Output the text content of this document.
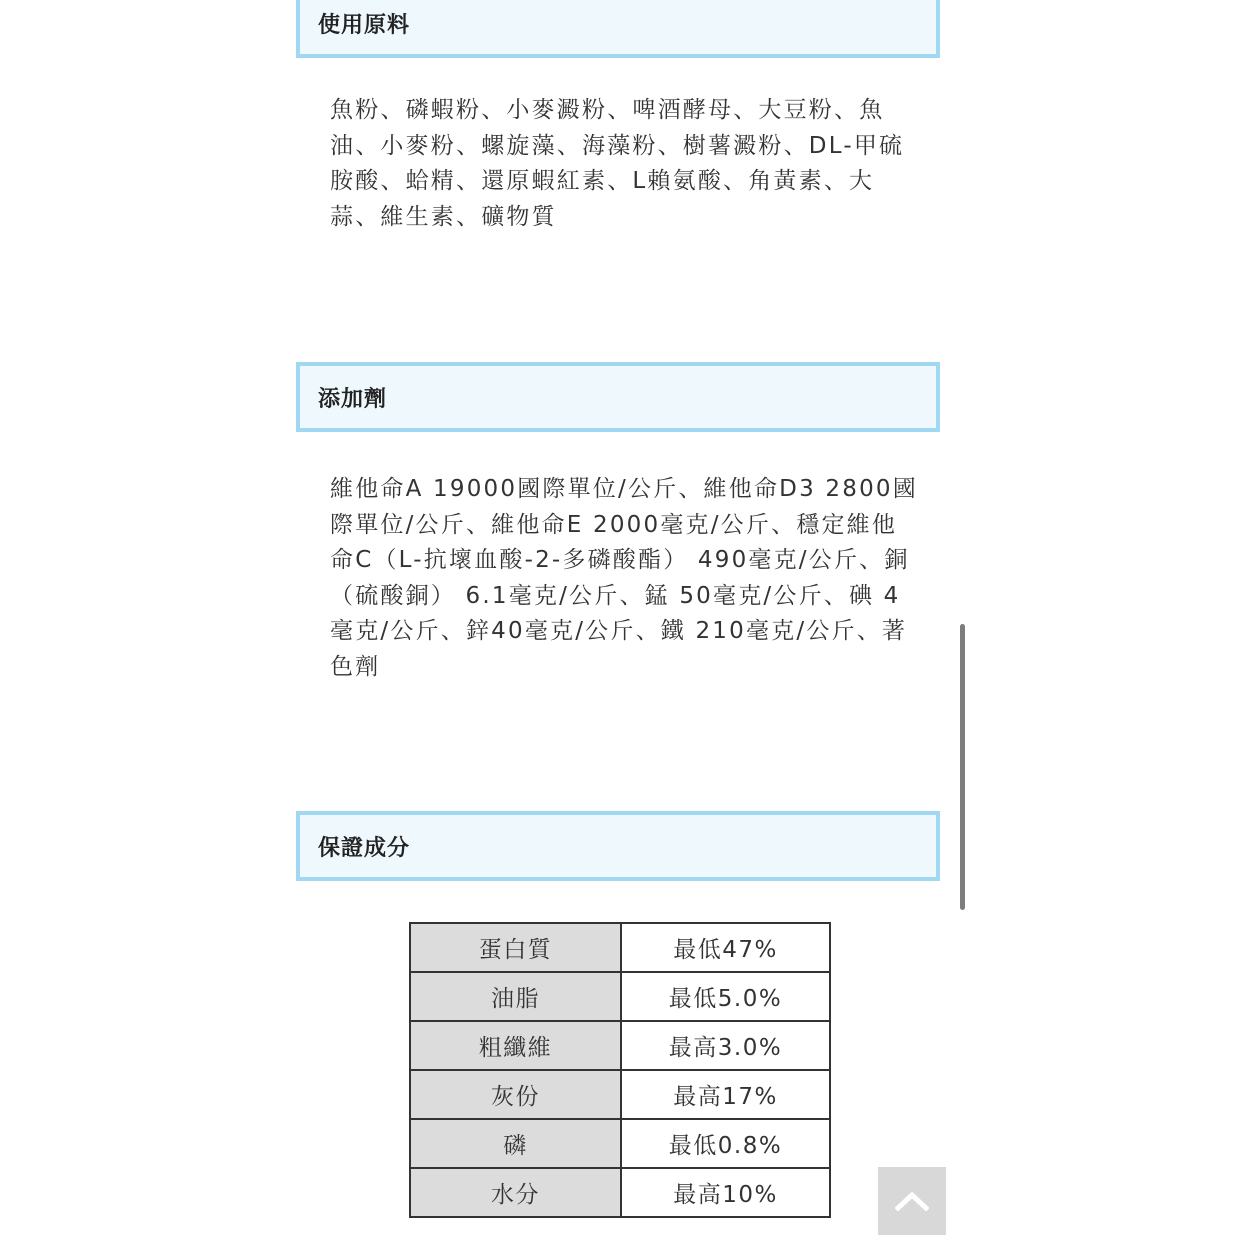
使用原料

魚粉、磷蝦粉、小麥澱粉、啤酒酵母、大豆粉、魚油、小麥粉、螺旋藻、海藻粉、樹薯澱粉、DL-甲硫胺酸、蛤精、還原蝦紅素、L賴氨酸、角黃素、大蒜、維生素、礦物質

添加劑

維他命A 19000國際單位/公斤、維他命D3 2800國際單位/公斤、維他命E 2000毫克/公斤、穩定維他命C（L-抗壞血酸-2-多磷酸酯） 490毫克/公斤、銅（硫酸銅） 6.1毫克/公斤、錳 50毫克/公斤、碘 4毫克/公斤、鋅40毫克/公斤、鐵 210毫克/公斤、著色劑

保證成分
蛋白質	最低47%
油脂	最低5.0%
粗纖維	最高3.0%
灰份	最高17%
磷	最低0.8%
水分	最高10%
